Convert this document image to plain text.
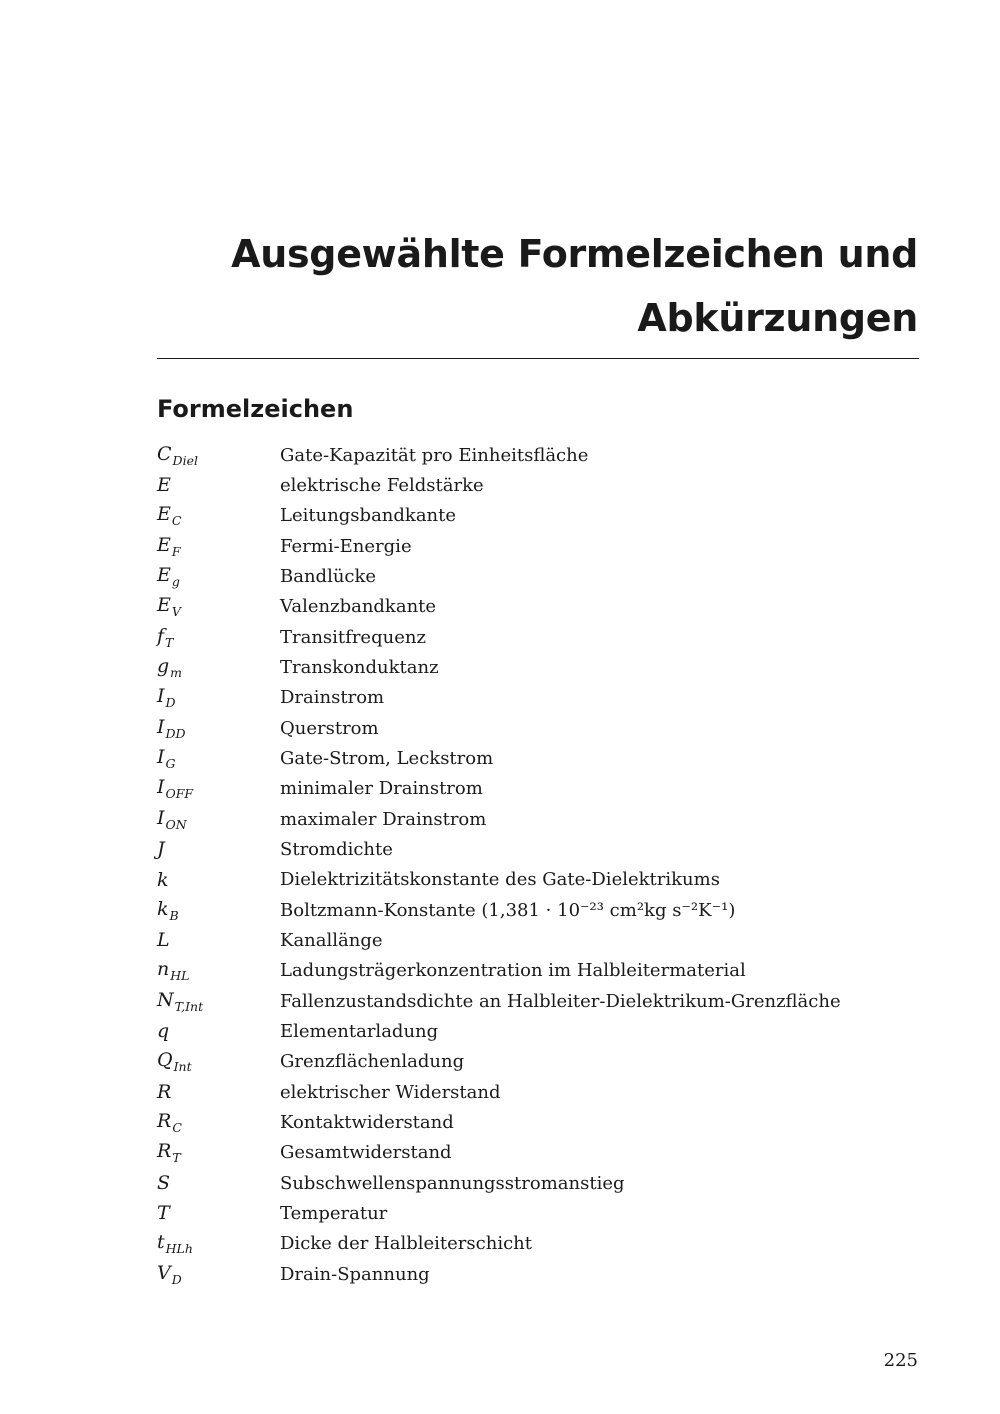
Ausgewählte Formelzeichen und
Abkürzungen
Formelzeichen
$C_{Diel}$	Gate-Kapazität pro Einheitsfläche
E	elektrische Feldstärke
$E_C$	Leitungsbandkante
$E_F$	Fermi-Energie
$E_g$	Bandlücke
$E_V$	Valenzbandkante
$f_T$	Transitfrequenz
$g_m$	Transkonduktanz
$I_D$	Drainstrom
$I_{DD}$	Querstrom
$I_G$	Gate-Strom, Leckstrom
$I_{OFF}$	minimaler Drainstrom
$I_{ON}$	maximaler Drainstrom
J	Stromdichte
k	Dielektrizitätskonstante des Gate-Dielektrikums
$k_B$	Boltzmann-Konstante (1,381 · 10⁻²³ cm²kg s⁻²K⁻¹)
L	Kanallänge
$n_{HL}$	Ladungsträgerkonzentration im Halbleitermaterial
$N_{T,Int}$	Fallenzustandsdichte an Halbleiter-Dielektrikum-Grenzfläche
q	Elementarladung
$Q_{Int}$	Grenzflächenladung
R	elektrischer Widerstand
$R_C$	Kontaktwiderstand
$R_T$	Gesamtwiderstand
S	Subschwellenspannungsstromanstieg
T	Temperatur
$t_{HLh}$	Dicke der Halbleiterschicht
$V_D$	Drain-Spannung
225
